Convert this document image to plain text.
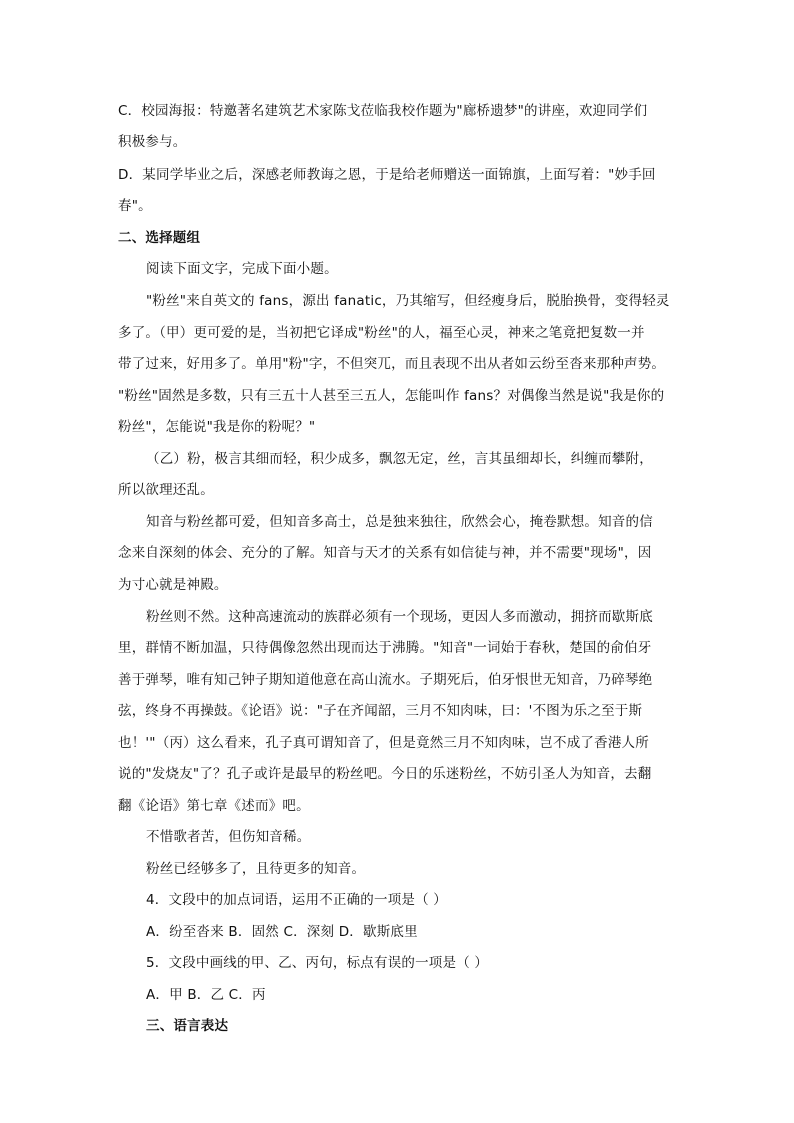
C．校园海报：特邀著名建筑艺术家陈戈莅临我校作题为"廊桥遗梦"的讲座，欢迎同学们
积极参与。
D．某同学毕业之后，深感老师教诲之恩，于是给老师赠送一面锦旗，上面写着："妙手回
春"。
二、选择题组
阅读下面文字，完成下面小题。
"粉丝"来自英文的 fans，源出 fanatic，乃其缩写，但经瘦身后，脱胎换骨，变得轻灵
多了。（甲）更可爱的是，当初把它译成"粉丝"的人，福至心灵，神来之笔竟把复数一并
带了过来，好用多了。单用"粉"字，不但突兀，而且表现不出从者如云纷至沓来那种声势。
"粉丝"固然是多数，只有三五十人甚至三五人，怎能叫作 fans？对偶像当然是说"我是你的
粉丝"，怎能说"我是你的粉呢？"
（乙）粉，极言其细而轻，积少成多，飘忽无定，丝，言其虽细却长，纠缠而攀附，
所以欲理还乱。
知音与粉丝都可爱，但知音多高士，总是独来独往，欣然会心，掩卷默想。知音的信
念来自深刻的体会、充分的了解。知音与天才的关系有如信徒与神，并不需要"现场"，因
为寸心就是神殿。
粉丝则不然。这种高速流动的族群必须有一个现场，更因人多而激动，拥挤而歇斯底
里，群情不断加温，只待偶像忽然出现而达于沸腾。"知音"一词始于春秋，楚国的俞伯牙
善于弹琴，唯有知己钟子期知道他意在高山流水。子期死后，伯牙恨世无知音，乃碎琴绝
弦，终身不再操鼓。《论语》说："子在齐闻韶，三月不知肉味，曰：'不图为乐之至于斯
也！'"（丙）这么看来，孔子真可谓知音了，但是竟然三月不知肉味，岂不成了香港人所
说的"发烧友"了？孔子或许是最早的粉丝吧。今日的乐迷粉丝，不妨引圣人为知音，去翻
翻《论语》第七章《述而》吧。
不惜歌者苦，但伤知音稀。
粉丝已经够多了，且待更多的知音。
4．文段中的加点词语，运用不正确的一项是（ ）
A．纷至沓来 B．固然 C．深刻 D．歇斯底里
5．文段中画线的甲、乙、丙句，标点有误的一项是（ ）
A．甲 B．乙 C．丙
三、语言表达
